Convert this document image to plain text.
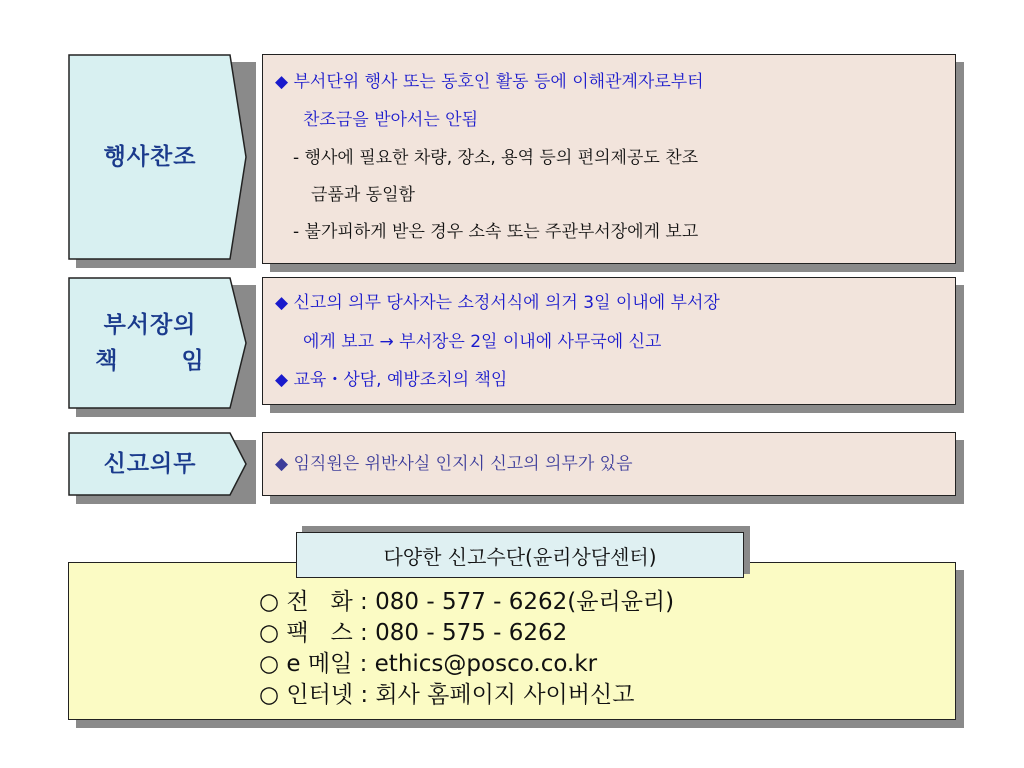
행사찬조
◆ 부서단위 행사 또는 동호인 활동 등에 이해관계자로부터
찬조금을 받아서는 안됨
- 행사에 필요한 차량, 장소, 용역 등의 편의제공도 찬조
금품과 동일함
- 불가피하게 받은 경우 소속 또는 주관부서장에게 보고
부서장의
책       임
◆ 신고의 의무 당사자는 소정서식에 의거 3일 이내에 부서장
에게 보고 → 부서장은 2일 이내에 사무국에 신고
◆ 교육・상담, 예방조치의 책임
신고의무	◆ 임직원은 위반사실 인지시 신고의 의무가 있음
○ 전   화 : 080 - 577 - 6262(윤리윤리)
○ 팩   스 : 080 - 575 - 6262
○ e 메일 : ethics@posco.co.kr
○ 인터넷 : 회사 홈페이지 사이버신고
다양한 신고수단(윤리상담센터)
